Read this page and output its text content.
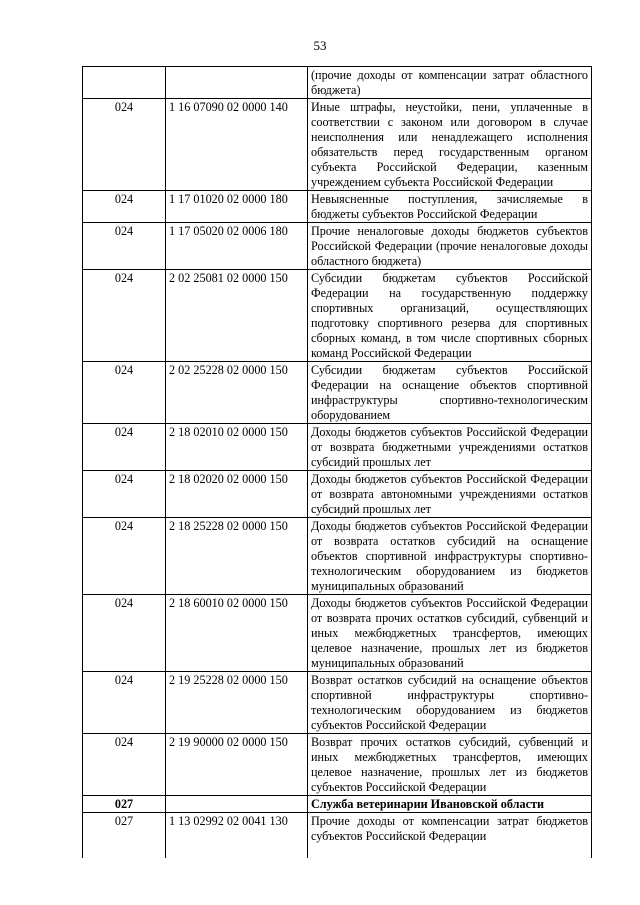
53
		(прочие доходы от компенсации затрат областного бюджета)
024	1 16 07090 02 0000 140	Иные штрафы, неустойки, пени, уплаченные в соответствии с законом или договором в случае неисполнения или ненадлежащего исполнения обязательств перед государственным органом субъекта Российской Федерации, казенным учреждением субъекта Российской Федерации
024	1 17 01020 02 0000 180	Невыясненные поступления, зачисляемые в бюджеты субъектов Российской Федерации
024	1 17 05020 02 0006 180	Прочие неналоговые доходы бюджетов субъектов Российской Федерации (прочие неналоговые доходы областного бюджета)
024	2 02 25081 02 0000 150	Субсидии бюджетам субъектов Российской Федерации на государственную поддержку спортивных организаций, осуществляющих подготовку спортивного резерва для спортивных сборных команд, в том числе спортивных сборных команд Российской Федерации
024	2 02 25228 02 0000 150	Субсидии бюджетам субъектов Российской Федерации на оснащение объектов спортивной инфраструктуры спортивно-технологическим оборудованием
024	2 18 02010 02 0000 150	Доходы бюджетов субъектов Российской Федерации от возврата бюджетными учреждениями остатков субсидий прошлых лет
024	2 18 02020 02 0000 150	Доходы бюджетов субъектов Российской Федерации от возврата автономными учреждениями остатков субсидий прошлых лет
024	2 18 25228 02 0000 150	Доходы бюджетов субъектов Российской Федерации от возврата остатков субсидий на оснащение объектов спортивной инфраструктуры спортивно-технологическим оборудованием из бюджетов муниципальных образований
024	2 18 60010 02 0000 150	Доходы бюджетов субъектов Российской Федерации от возврата прочих остатков субсидий, субвенций и иных межбюджетных трансфертов, имеющих целевое назначение, прошлых лет из бюджетов муниципальных образований
024	2 19 25228 02 0000 150	Возврат остатков субсидий на оснащение объектов спортивной инфраструктуры спортивно-технологическим оборудованием из бюджетов субъектов Российской Федерации
024	2 19 90000 02 0000 150	Возврат прочих остатков субсидий, субвенций и иных межбюджетных трансфертов, имеющих целевое назначение, прошлых лет из бюджетов субъектов Российской Федерации
027		Служба ветеринарии Ивановской области
027	1 13 02992 02 0041 130	Прочие доходы от компенсации затрат бюджетов субъектов Российской Федерации
